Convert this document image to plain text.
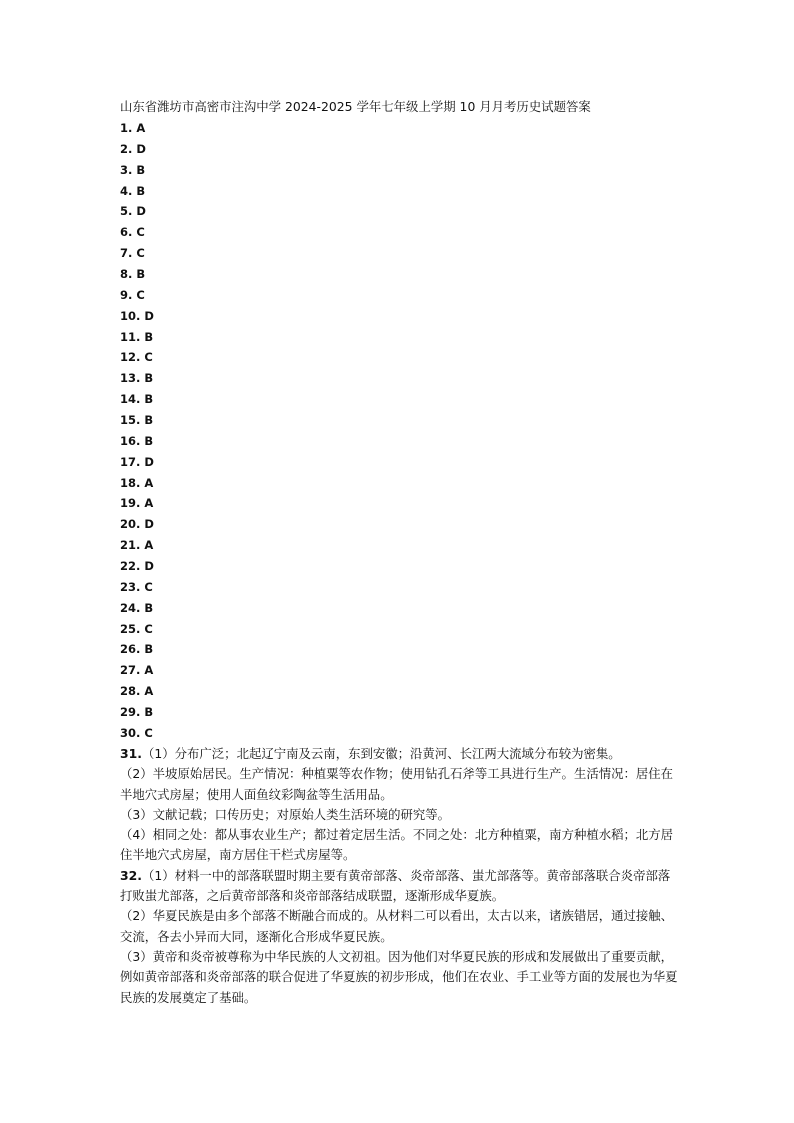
山东省潍坊市高密市注沟中学 2024-2025 学年七年级上学期 10 月月考历史试题答案
1. A
2. D
3. B
4. B
5. D
6. C
7. C
8. B
9. C
10. D
11. B
12. C
13. B
14. B
15. B
16. B
17. D
18. A
19. A
20. D
21. A
22. D
23. C
24. B
25. C
26. B
27. A
28. A
29. B
30. C

31.（1）分布广泛；北起辽宁南及云南，东到安徽；沿黄河、长江两大流域分布较为密集。

（2）半坡原始居民。生产情况：种植粟等农作物；使用钻孔石斧等工具进行生产。生活情况：居住在半地穴式房屋；使用人面鱼纹彩陶盆等生活用品。

（3）文献记载；口传历史；对原始人类生活环境的研究等。

（4）相同之处：都从事农业生产；都过着定居生活。不同之处：北方种植粟，南方种植水稻；北方居住半地穴式房屋，南方居住干栏式房屋等。

32.（1）材料一中的部落联盟时期主要有黄帝部落、炎帝部落、蚩尤部落等。黄帝部落联合炎帝部落打败蚩尤部落，之后黄帝部落和炎帝部落结成联盟，逐渐形成华夏族。

（2）华夏民族是由多个部落不断融合而成的。从材料二可以看出，太古以来，诸族错居，通过接触、交流，各去小异而大同，逐渐化合形成华夏民族。

（3）黄帝和炎帝被尊称为中华民族的人文初祖。因为他们对华夏民族的形成和发展做出了重要贡献，例如黄帝部落和炎帝部落的联合促进了华夏族的初步形成，他们在农业、手工业等方面的发展也为华夏民族的发展奠定了基础。
